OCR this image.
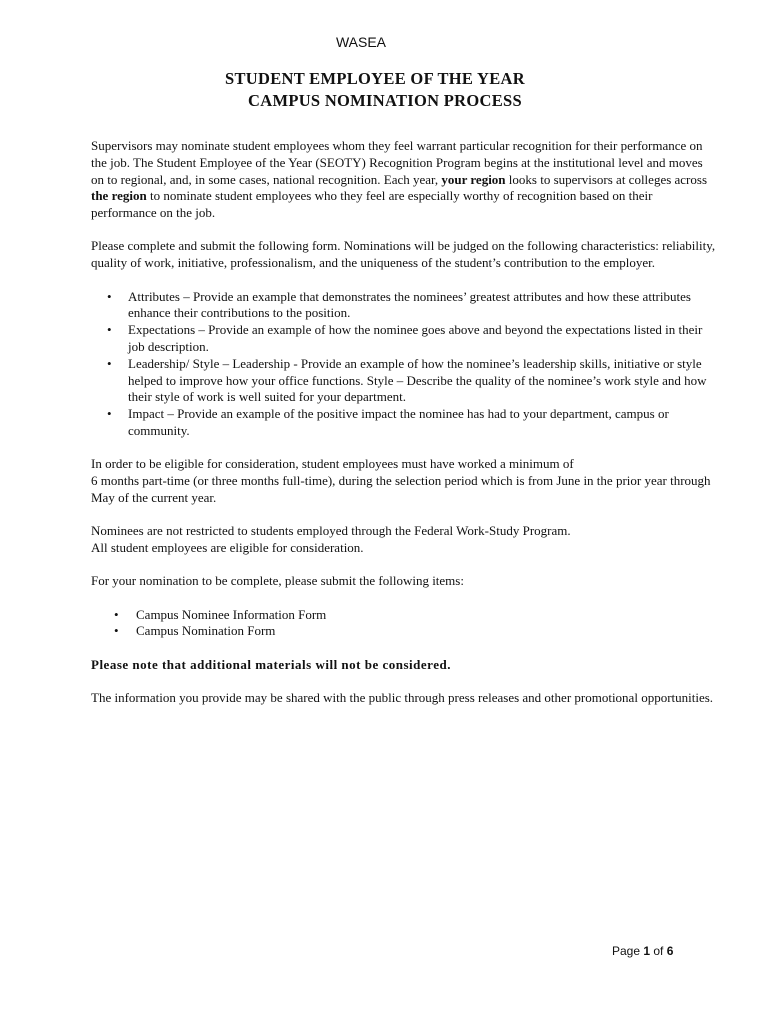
WASEA
STUDENT EMPLOYEE OF THE YEAR
CAMPUS NOMINATION PROCESS

Supervisors may nominate student employees whom they feel warrant particular recognition for their performance on the job. The Student Employee of the Year (SEOTY) Recognition Program begins at the institutional level and moves on to regional, and, in some cases, national recognition. Each year, your region looks to supervisors at colleges across the region to nominate student employees who they feel are especially worthy of recognition based on their performance on the job.

Please complete and submit the following form. Nominations will be judged on the following characteristics: reliability, quality of work, initiative, professionalism, and the uniqueness of the student’s contribution to the employer.

• Attributes – Provide an example that demonstrates the nominees’ greatest attributes and how these attributes enhance their contributions to the position.
• Expectations – Provide an example of how the nominee goes above and beyond the expectations listed in their job description.
• Leadership/ Style – Leadership - Provide an example of how the nominee’s leadership skills, initiative or style helped to improve how your office functions. Style – Describe the quality of the nominee’s work style and how their style of work is well suited for your department.
• Impact – Provide an example of the positive impact the nominee has had to your department, campus or community.

In order to be eligible for consideration, student employees must have worked a minimum of
6 months part-time (or three months full-time), during the selection period which is from June in the prior year through May of the current year.

Nominees are not restricted to students employed through the Federal Work-Study Program.
All student employees are eligible for consideration.

For your nomination to be complete, please submit the following items:

• Campus Nominee Information Form
• Campus Nomination Form

Please note that additional materials will not be considered.

The information you provide may be shared with the public through press releases and other promotional opportunities.

Page 1 of 6
